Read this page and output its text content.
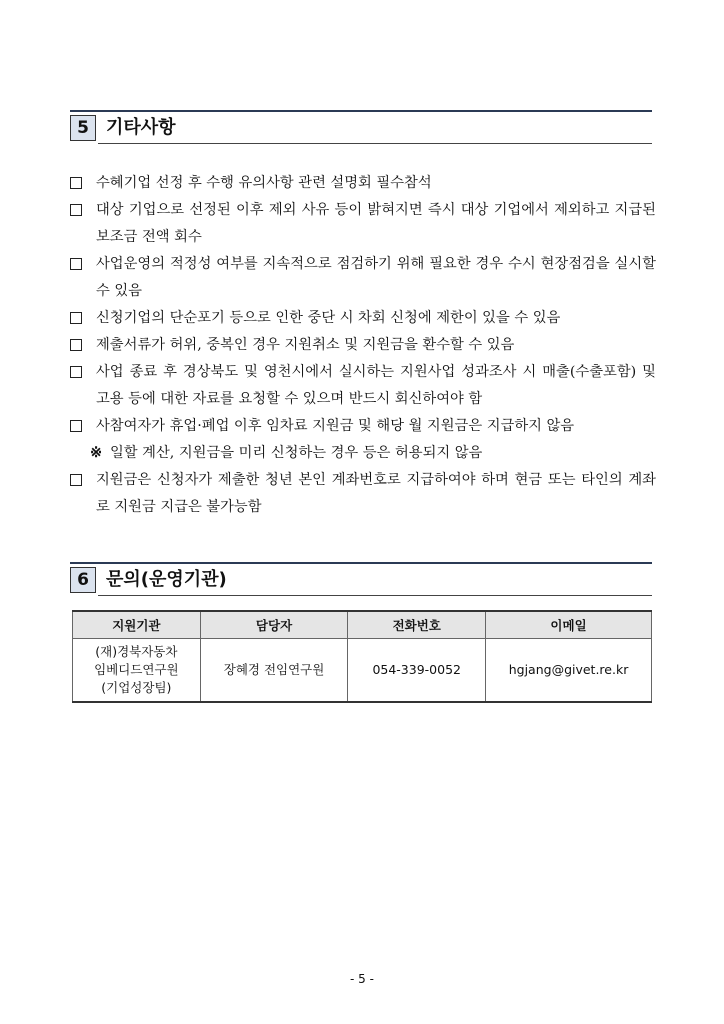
5 기타사항
수혜기업 선정 후 수행 유의사항 관련 설명회 필수참석
대상 기업으로 선정된 이후 제외 사유 등이 밝혀지면 즉시 대상 기업에서 제외하고 지급된 보조금 전액 회수
사업운영의 적정성 여부를 지속적으로 점검하기 위해 필요한 경우 수시 현장점검을 실시할 수 있음
신청기업의 단순포기 등으로 인한 중단 시 차회 신청에 제한이 있을 수 있음
제출서류가 허위, 중복인 경우 지원취소 및 지원금을 환수할 수 있음
사업 종료 후 경상북도 및 영천시에서 실시하는 지원사업 성과조사 시 매출(수출포함) 및 고용 등에 대한 자료를 요청할 수 있으며 반드시 회신하여야 함
사참여자가 휴업·폐업 이후 임차료 지원금 및 해당 월 지원금은 지급하지 않음
※ 일할 계산, 지원금을 미리 신청하는 경우 등은 허용되지 않음
지원금은 신청자가 제출한 청년 본인 계좌번호로 지급하여야 하며 현금 또는 타인의 계좌로 지원금 지급은 불가능함
6 문의(운영기관)
지원기관	담당자	전화번호	이메일

(재)경북자동차
임베디드연구원
(기업성장팀)	장혜경 전임연구원	054-339-0052	hgjang@givet.re.kr
- 5 -
